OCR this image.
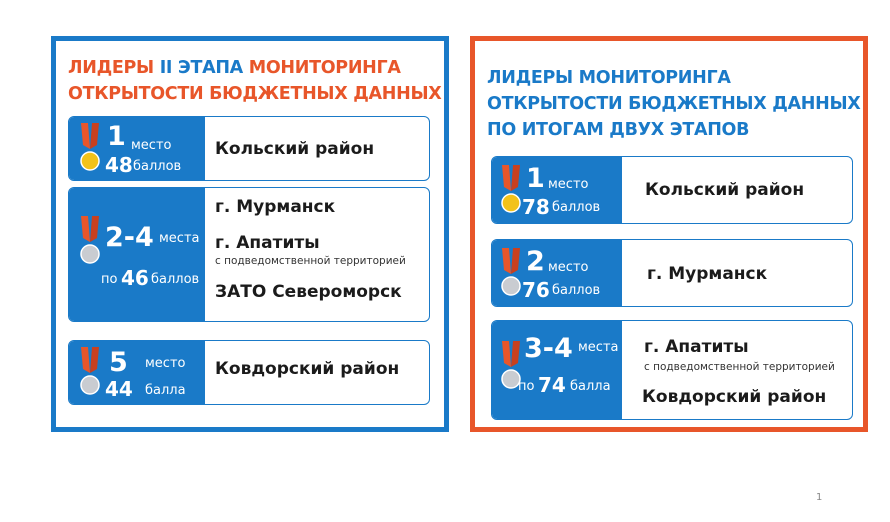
ЛИДЕРЫ II ЭТАПА МОНИТОРИНГА
ОТКРЫТОСТИ БЮДЖЕТНЫХ ДАННЫХ
1 место
48 баллов
Кольский район
2-4 места
по 46 баллов
г. Мурманск
г. Апатиты
с подведомственной территорией
ЗАТО Североморск
5 место
44 балла
Ковдорский район
ЛИДЕРЫ МОНИТОРИНГА
ОТКРЫТОСТИ БЮДЖЕТНЫХ ДАННЫХ
ПО ИТОГАМ ДВУХ ЭТАПОВ
1 место
78 баллов
Кольский район
2 место
76 баллов
г. Мурманск
3-4 места
по 74 балла
г. Апатиты
с подведомственной территорией
Ковдорский район
1
